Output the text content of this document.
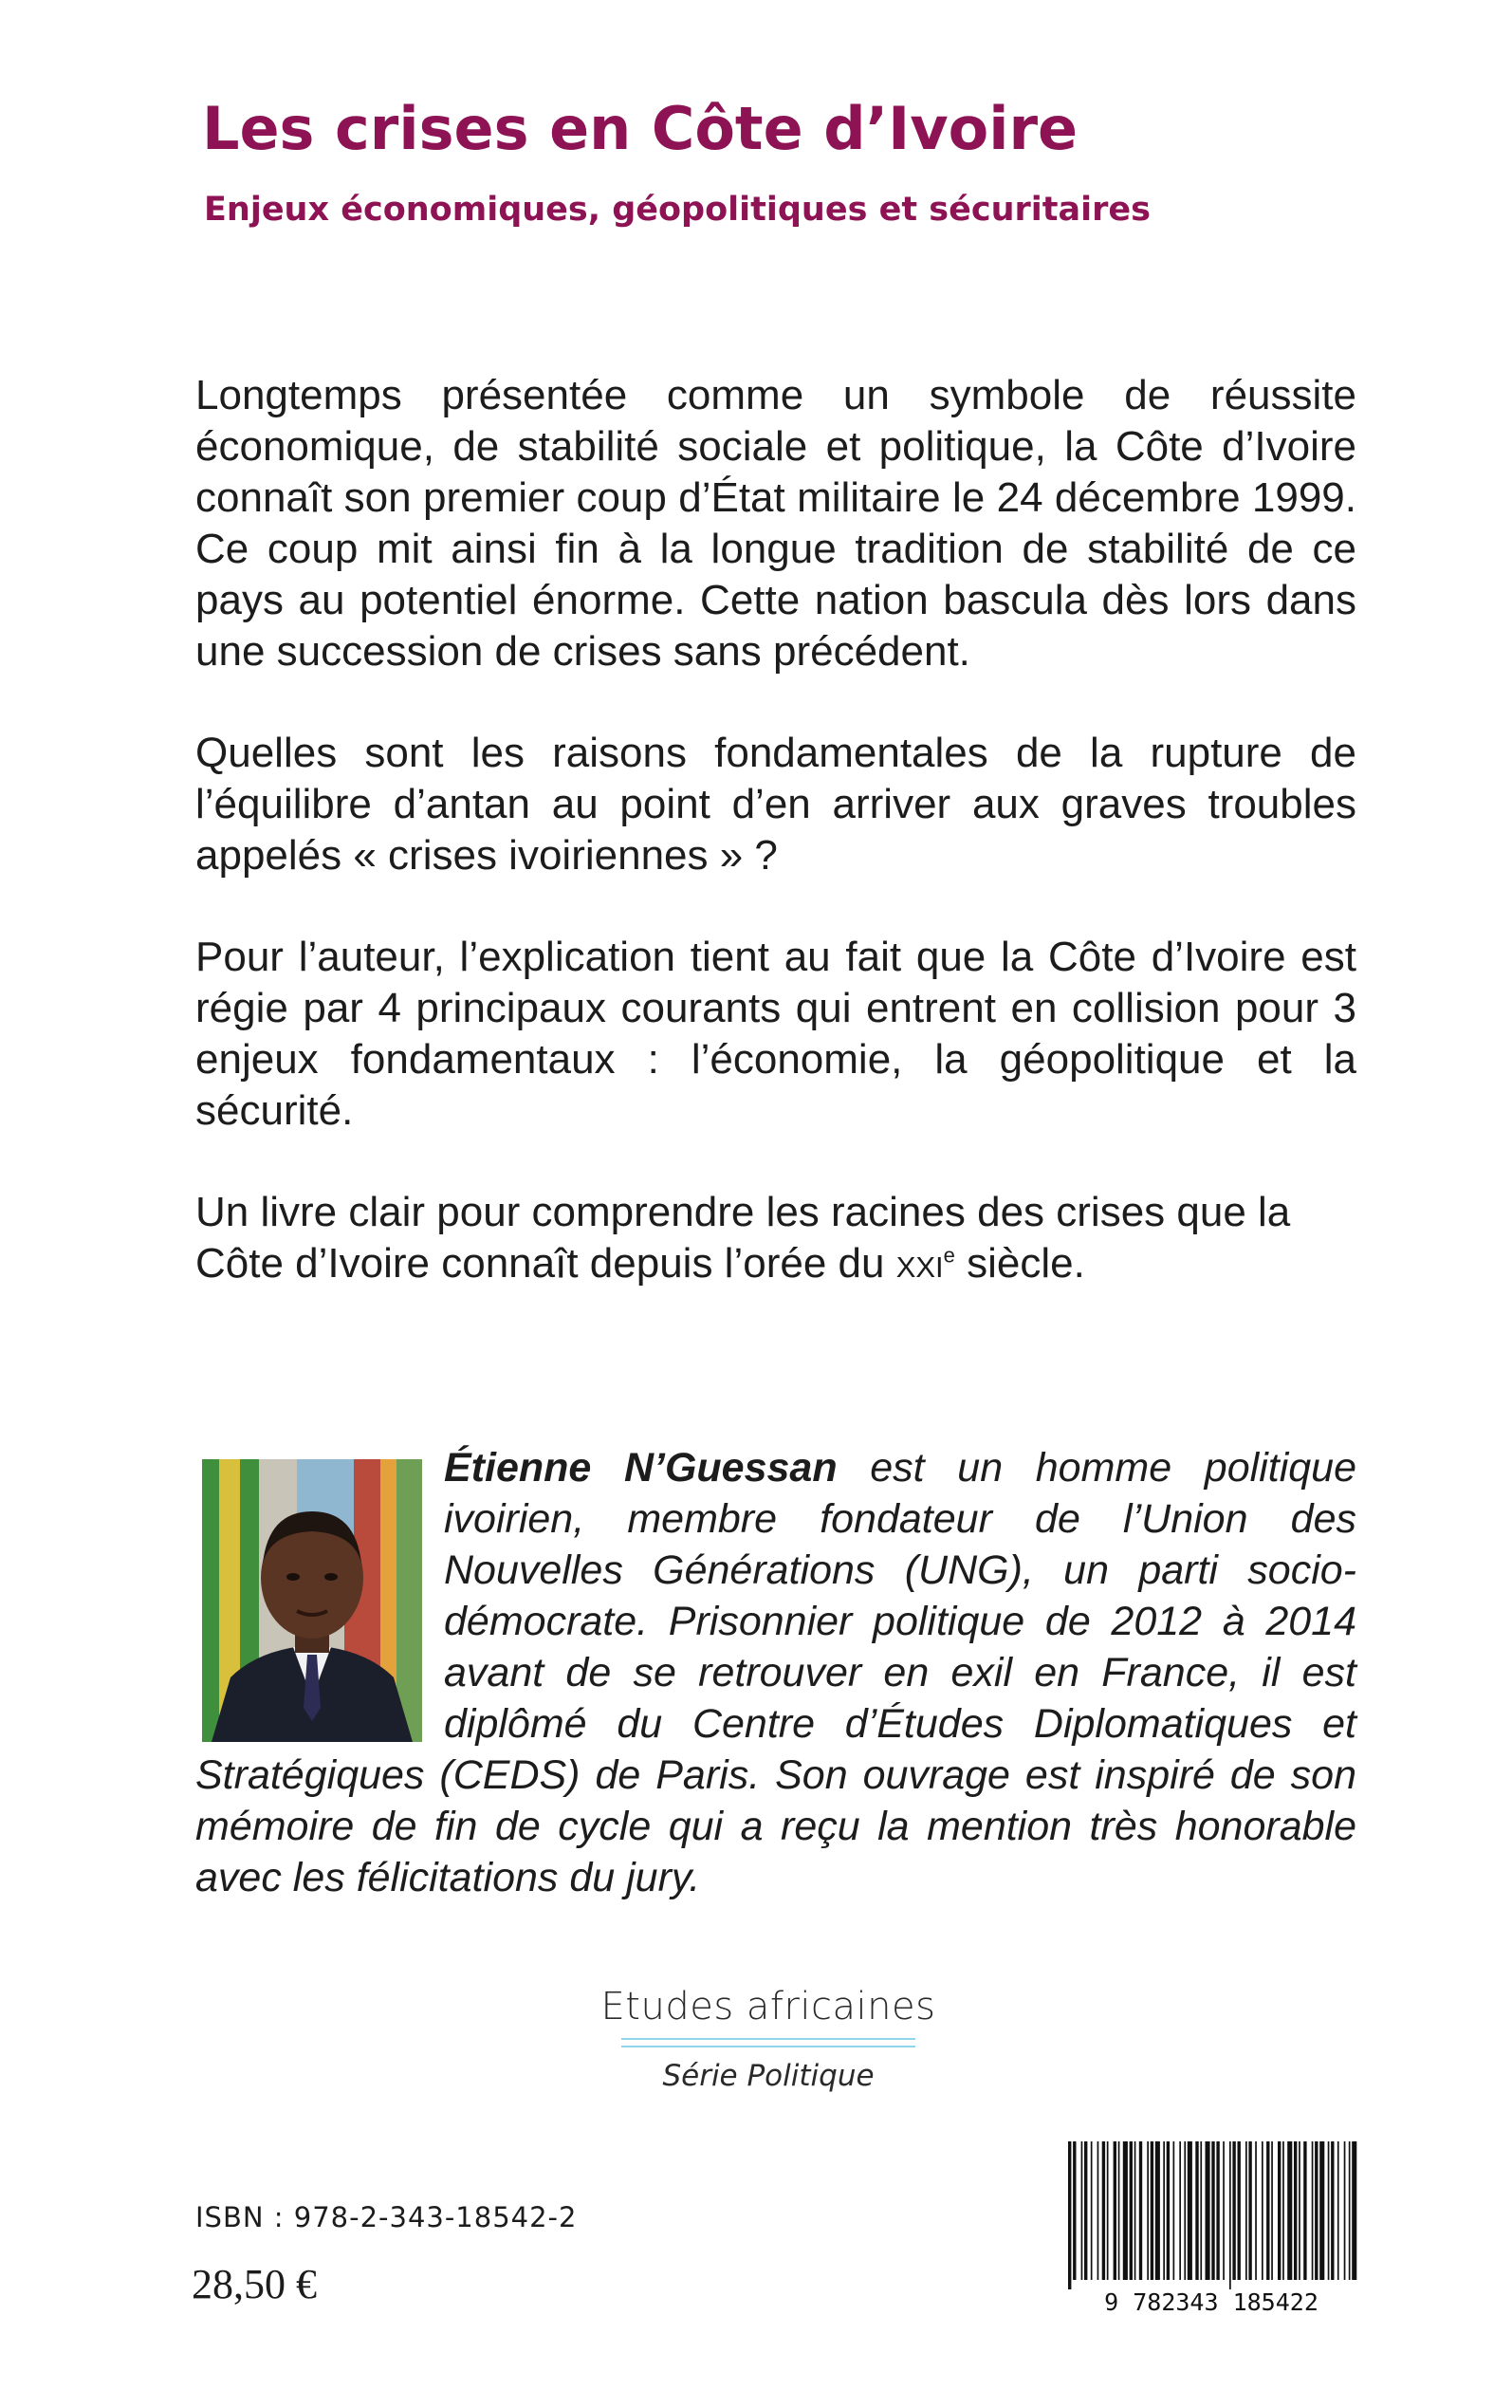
Les crises en Côte d’Ivoire
Enjeux économiques, géopolitiques et sécuritaires

Longtemps présentée comme un symbole de réussite économique, de stabilité sociale et politique, la Côte d’Ivoire connaît son premier coup d’État militaire le 24 décembre 1999. Ce coup mit ainsi fin à la longue tradition de stabilité de ce pays au potentiel énorme. Cette nation bascula dès lors dans une succession de crises sans précédent.

Quelles sont les raisons fondamentales de la rupture de l’équilibre d’antan au point d’en arriver aux graves troubles appelés « crises ivoiriennes » ?

Pour l’auteur, l’explication tient au fait que la Côte d’Ivoire est régie par 4 principaux courants qui entrent en collision pour 3 enjeux fondamentaux : l’économie, la géopolitique et la sécurité.

Un livre clair pour comprendre les racines des crises que la Côte d’Ivoire connaît depuis l’orée du xxi$^e$ siècle.

Étienne N’Guessan est un homme politique ivoirien, membre fondateur de l’Union des Nouvelles Générations (UNG), un parti socio-démocrate. Prisonnier politique de 2012 à 2014 avant de se retrouver en exil en France, il est diplômé du Centre d’Études Diplomatiques et Stratégiques (CEDS) de Paris. Son ouvrage est inspiré de son mémoire de fin de cycle qui a reçu la mention très honorable avec les félicitations du jury.

Etudes africaines
Série Politique
ISBN : 978-2-343-18542-2
28,50 €	9 782343 185422
